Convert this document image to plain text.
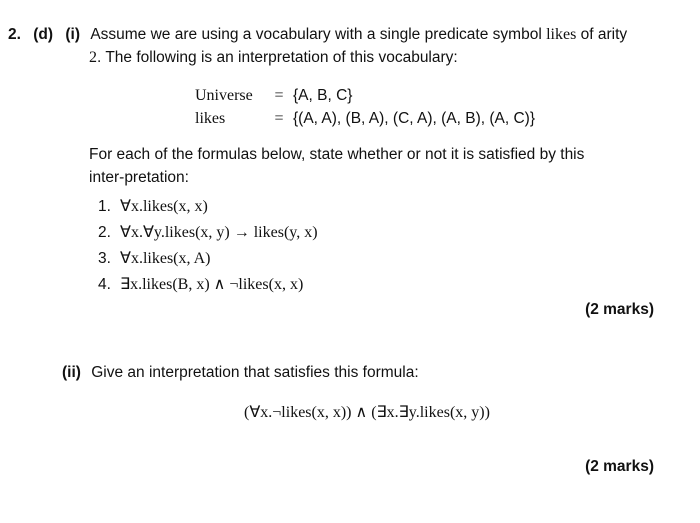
2. (d) (i) Assume we are using a vocabulary with a single predicate symbol likes of arity
2. The following is an interpretation of this vocabulary:
Universe	= {A, B, C}
likes	= {(A, A), (B, A), (C, A), (A, B), (A, C)}
For each of the formulas below, state whether or not it is satisfied by this
inter-pretation:
1. ∀x.likes(x, x)
2. ∀x.∀y.likes(x, y) → likes(y, x)
3. ∀x.likes(x, A)
4. ∃x.likes(B, x) ∧ ¬likes(x, x)
(2 marks)
(ii) Give an interpretation that satisfies this formula:
(∀x.¬likes(x, x)) ∧ (∃x.∃y.likes(x, y))
(2 marks)
